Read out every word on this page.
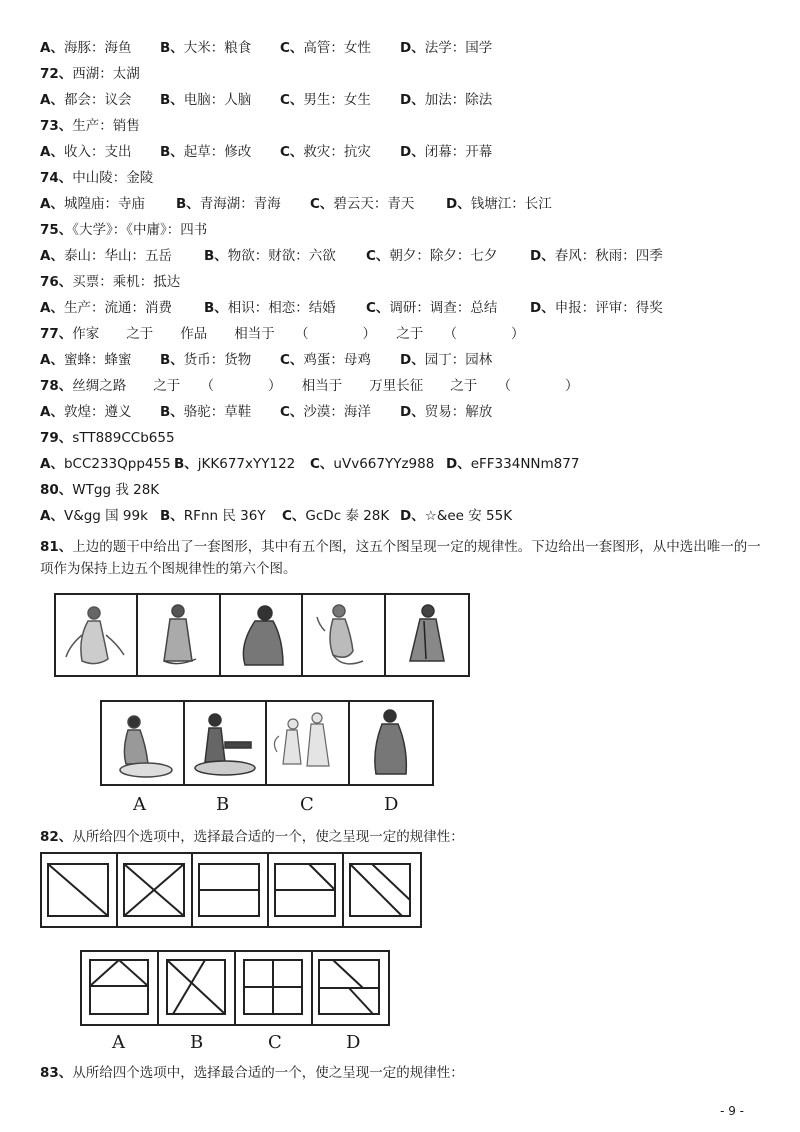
A、海豚：海鱼 B、大米：粮食 C、高管：女性 D、法学：国学
72、西湖：太湖
A、都会：议会 B、电脑：人脑 C、男生：女生 D、加法：除法
73、生产：销售
A、收入：支出 B、起草：修改 C、救灾：抗灾 D、闭幕：开幕
74、中山陵：金陵
A、城隍庙：寺庙 B、青海湖：青海 C、碧云天：青天 D、钱塘江：长江
75、《大学》：《中庸》：四书
A、泰山：华山：五岳 B、物欲：财欲：六欲 C、朝夕：除夕：七夕 D、春风：秋雨：四季
76、买票：乘机：抵达
A、生产：流通：消费 B、相识：相恋：结婚 C、调研：调查：总结 D、申报：评审：得奖
77、作家　　之于　　作品　　相当于　　（　　　　）　　之于　　（　　　　）
A、蜜蜂：蜂蜜 B、货币：货物 C、鸡蛋：母鸡 D、园丁：园林
78、丝绸之路　　之于　　（　　　　）　　相当于　　万里长征　　之于　　（　　　　）
A、敦煌：遵义 B、骆驼：草鞋 C、沙漠：海洋 D、贸易：解放
79、sTT889CCb655
A、bCC233Qpp455 B、jKK677xYY122 C、uVv667YYz988 D、eFF334NNm877
80、WTgg 我 28K
A、V&gg 国 99k B、RFnn 民 36Y C、GcDc 泰 28K D、☆&ee 安 55K
81、上边的题干中给出了一套图形，其中有五个图，这五个图呈现一定的规律性。下边给出一套图形，从中选出唯一的一项作为保持上边五个图规律性的第六个图。
A	B	C	D
82、从所给四个选项中，选择最合适的一个，使之呈现一定的规律性：
A	B	C	D
83、从所给四个选项中，选择最合适的一个，使之呈现一定的规律性：
- 9 -
